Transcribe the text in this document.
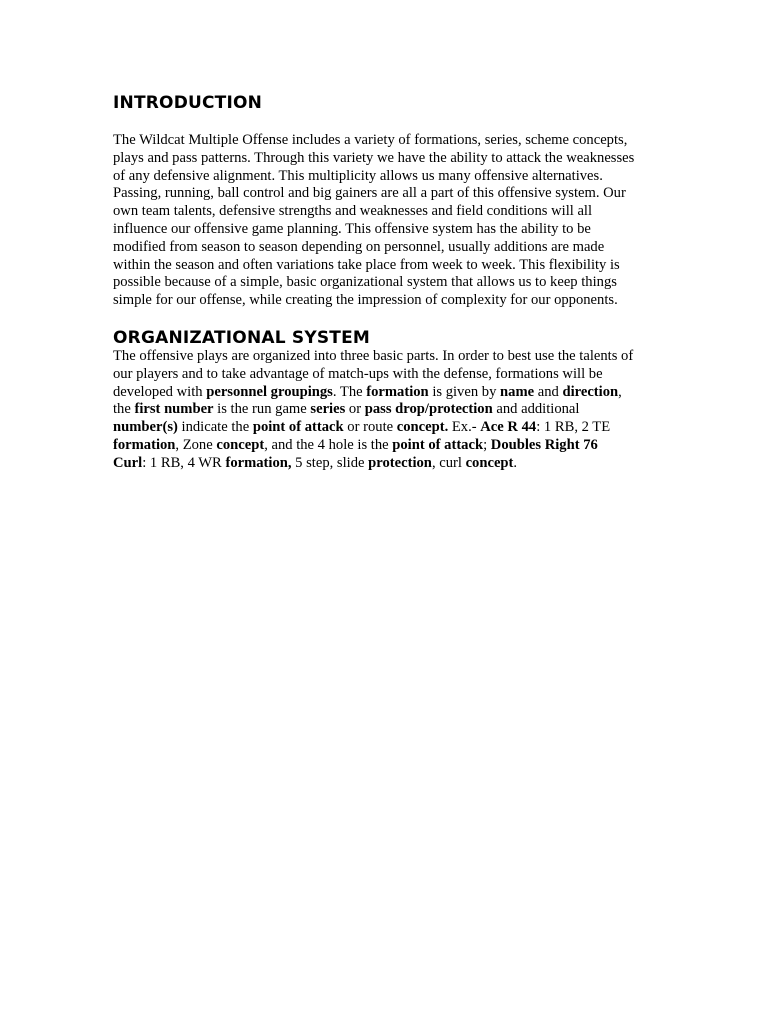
INTRODUCTION

The Wildcat Multiple Offense includes a variety of formations, series, scheme concepts,

plays and pass patterns. Through this variety we have the ability to attack the weaknesses

of any defensive alignment. This multiplicity allows us many offensive alternatives.

Passing, running, ball control and big gainers are all a part of this offensive system. Our

own team talents, defensive strengths and weaknesses and field conditions will all

influence our offensive game planning. This offensive system has the ability to be

modified from season to season depending on personnel, usually additions are made

within the season and often variations take place from week to week. This flexibility is

possible because of a simple, basic organizational system that allows us to keep things

simple for our offense, while creating the impression of complexity for our opponents.

ORGANIZATIONAL SYSTEM

The offensive plays are organized into three basic parts. In order to best use the talents of

our players and to take advantage of match-ups with the defense, formations will be

developed with personnel groupings. The formation is given by name and direction,

the first number is the run game series or pass drop/protection and additional

number(s) indicate the point of attack or route concept. Ex.- Ace R 44: 1 RB, 2 TE

formation, Zone concept, and the 4 hole is the point of attack; Doubles Right 76

Curl: 1 RB, 4 WR formation, 5 step, slide protection, curl concept.
